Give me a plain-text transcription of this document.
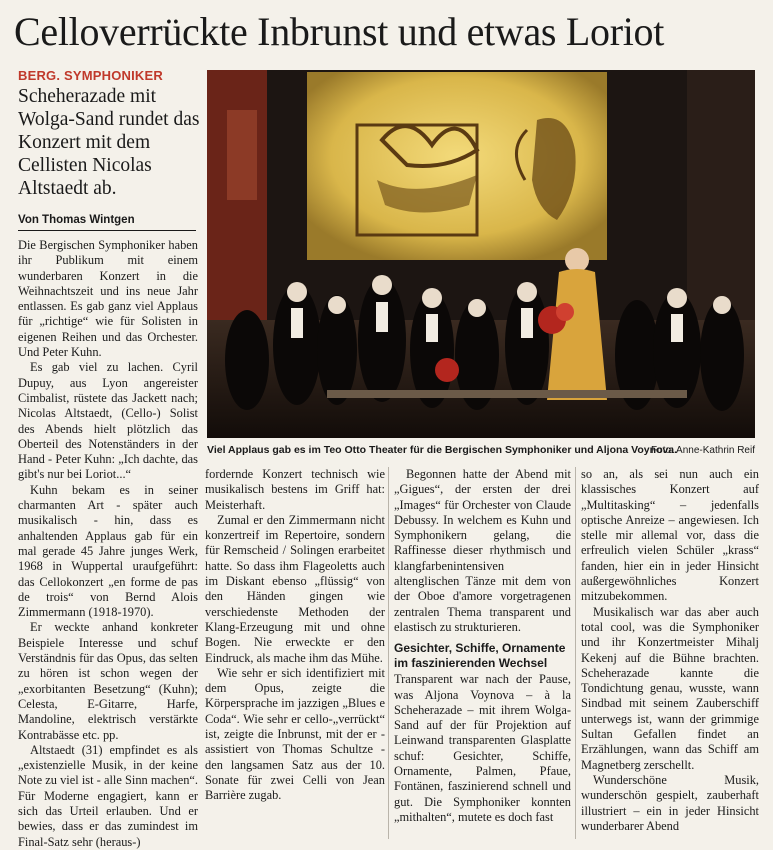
Celloverrückte Inbrunst und etwas Loriot
BERG. SYMPHONIKER
Scheherazade mit Wolga-Sand rundet das Konzert mit dem Cellisten Nicolas Altstaedt ab.
Von Thomas Wintgen
Viel Applaus gab es im Teo Otto Theater für die Bergischen Symphoniker und Aljona Voynova.
Foto: Anne-Kathrin Reif

Die Bergischen Symphoniker haben ihr Publikum mit einem wunderbaren Konzert in die Weihnachtszeit und ins neue Jahr entlassen. Es gab ganz viel Applaus für „richtige“ wie für Solisten in eigenen Reihen und das Orchester. Und Peter Kuhn.

Es gab viel zu lachen. Cyril Dupuy, aus Lyon angereister Cimbalist, rüstete das Jackett nach; Nicolas Altstaedt, (Cello-) Solist des Abends hielt plötzlich das Oberteil des Notenständers in der Hand - Peter Kuhn: „Ich dachte, das gibt's nur bei Loriot...“

Kuhn bekam es in seiner charmanten Art - später auch musikalisch - hin, dass es anhaltenden Applaus gab für ein mal gerade 45 Jahre junges Werk, 1968 in Wuppertal uraufgeführt: das Cellokonzert „en forme de pas de trois“ von Bernd Alois Zimmermann (1918-1970).

Er weckte anhand konkreter Beispiele Interesse und schuf Verständnis für das Opus, das selten zu hören ist schon wegen der „exorbitanten Besetzung“ (Kuhn); Celesta, E-Gitarre, Harfe, Mandoline, elektrisch verstärkte Kontrabässe etc. pp.

Altstaedt (31) empfindet es als „existenzielle Musik, in der keine Note zu viel ist - alle Sinn machen“. Für Moderne engagiert, kann er sich das Urteil erlauben. Und er bewies, dass er das zumindest im Final-Satz sehr (heraus-)

fordernde Konzert technisch wie musikalisch bestens im Griff hat: Meisterhaft.

Zumal er den Zimmermann nicht konzertreif im Repertoire, sondern für Remscheid / Solingen erarbeitet hatte. So dass ihm Flageoletts auch im Diskant ebenso „flüssig“ von den Händen gingen wie verschiedenste Methoden der Klang-Erzeugung mit und ohne Bogen. Nie erweckte er den Eindruck, als mache ihm das Mühe.

Wie sehr er sich identifiziert mit dem Opus, zeigte die Körpersprache im jazzigen „Blues e Coda“. Wie sehr er cello-„verrückt“ ist, zeigte die Inbrunst, mit der er - assistiert von Thomas Schultze - den langsamen Satz aus der 10. Sonate für zwei Celli von Jean Barrière zugab.

Begonnen hatte der Abend mit „Gigues“, der ersten der drei „Images“ für Orchester von Claude Debussy. In welchem es Kuhn und Symphonikern gelang, die Raffinesse dieser rhythmisch und klangfarbenintensiven altenglischen Tänze mit dem von der Oboe d'amore vorgetragenen zentralen Thema transparent und elastisch zu strukturieren.

Gesichter, Schiffe, Ornamente im faszinierenden Wechsel

Transparent war nach der Pause, was Aljona Voynova – à la Scheherazade – mit ihrem Wolga-Sand auf der für Projektion auf Leinwand transparenten Glasplatte schuf: Gesichter, Schiffe, Ornamente, Palmen, Pfaue, Fontänen, faszinierend schnell und gut. Die Symphoniker konnten „mithalten“, mutete es doch fast

so an, als sei nun auch ein klassisches Konzert auf „Multitasking“ – jedenfalls optische Anreize – angewiesen. Ich stelle mir allemal vor, dass die erfreulich vielen Schüler „krass“ fanden, hier ein in jeder Hinsicht außergewöhnliches Konzert mitzubekommen.

Musikalisch war das aber auch total cool, was die Symphoniker und ihr Konzertmeister Mihalj Kekenj auf die Bühne brachten. Scheherazade kannte die Tondichtung genau, wusste, wann Sindbad mit seinem Zauberschiff unterwegs ist, wann der grimmige Sultan Gefallen findet an Erzählungen, wann das Schiff am Magnetberg zerschellt.

Wunderschöne Musik, wunderschön gespielt, zauberhaft illustriert – ein in jeder Hinsicht wunderbarer Abend
